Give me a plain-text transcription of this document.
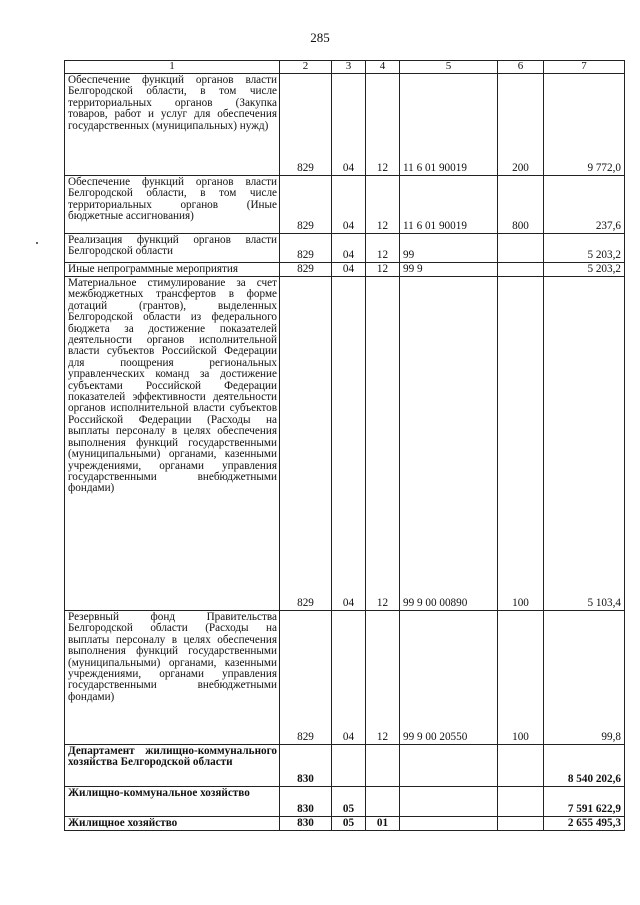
285
1	2	3	4	5	6	7
Обеспечение функций органов власти Белгородской области, в том числе территориальных органов (Закупка товаров, работ и услуг для обеспечения государственных (муниципальных) нужд)	829	04	12	11 6 01 90019	200	9 772,0
Обеспечение функций органов власти Белгородской области, в том числе территориальных органов (Иные бюджетные ассигнования)	829	04	12	11 6 01 90019	800	237,6
Реализация функций органов власти Белгородской области	829	04	12	99		5 203,2
Иные непрограммные мероприятия	829	04	12	99 9		5 203,2
Материальное стимулирование за счет межбюджетных трансфертов в форме дотаций (грантов), выделенных Белгородской области из федерального бюджета за достижение показателей деятельности органов исполнительной власти субъектов Российской Федерации для поощрения региональных управленческих команд за достижение субъектами Российской Федерации показателей эффективности деятельности органов исполнительной власти субъектов Российской Федерации (Расходы на выплаты персоналу в целях обеспечения выполнения функций государственными (муниципальными) органами, казенными учреждениями, органами управления государственными внебюджетными фондами)	829	04	12	99 9 00 00890	100	5 103,4
Резервный фонд Правительства Белгородской области (Расходы на выплаты персоналу в целях обеспечения выполнения функций государственными (муниципальными) органами, казенными учреждениями, органами управления государственными внебюджетными фондами)	829	04	12	99 9 00 20550	100	99,8
Департамент жилищно-коммунального хозяйства Белгородской области	830					8 540 202,6
Жилищно-коммунальное хозяйство	830	05				7 591 622,9
Жилищное хозяйство	830	05	01			2 655 495,3
